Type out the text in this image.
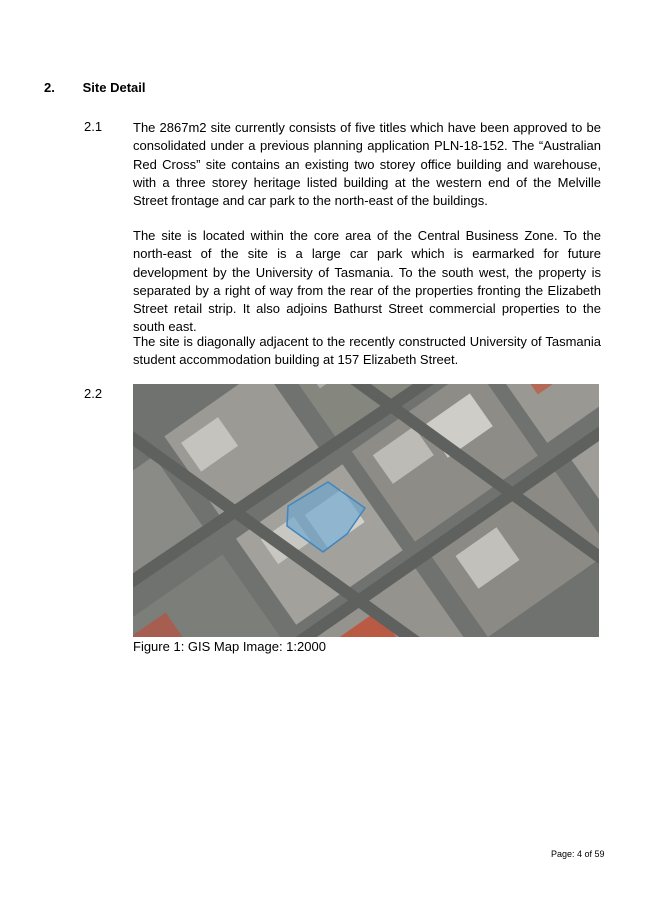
2. Site Detail
2.1 The 2867m2 site currently consists of five titles which have been approved to be consolidated under a previous planning application PLN-18-152. The “Australian Red Cross” site contains an existing two storey office building and warehouse, with a three storey heritage listed building at the western end of the Melville Street frontage and car park to the north-east of the buildings.

The site is located within the core area of the Central Business Zone. To the north-east of the site is a large car park which is earmarked for future development by the University of Tasmania. To the south west, the property is separated by a right of way from the rear of the properties fronting the Elizabeth Street retail strip. It also adjoins Bathurst Street commercial properties to the south east.

The site is diagonally adjacent to the recently constructed University of Tasmania student accommodation building at 157 Elizabeth Street.

2.2
Figure 1: GIS Map Image: 1:2000
Page: 4 of 59
